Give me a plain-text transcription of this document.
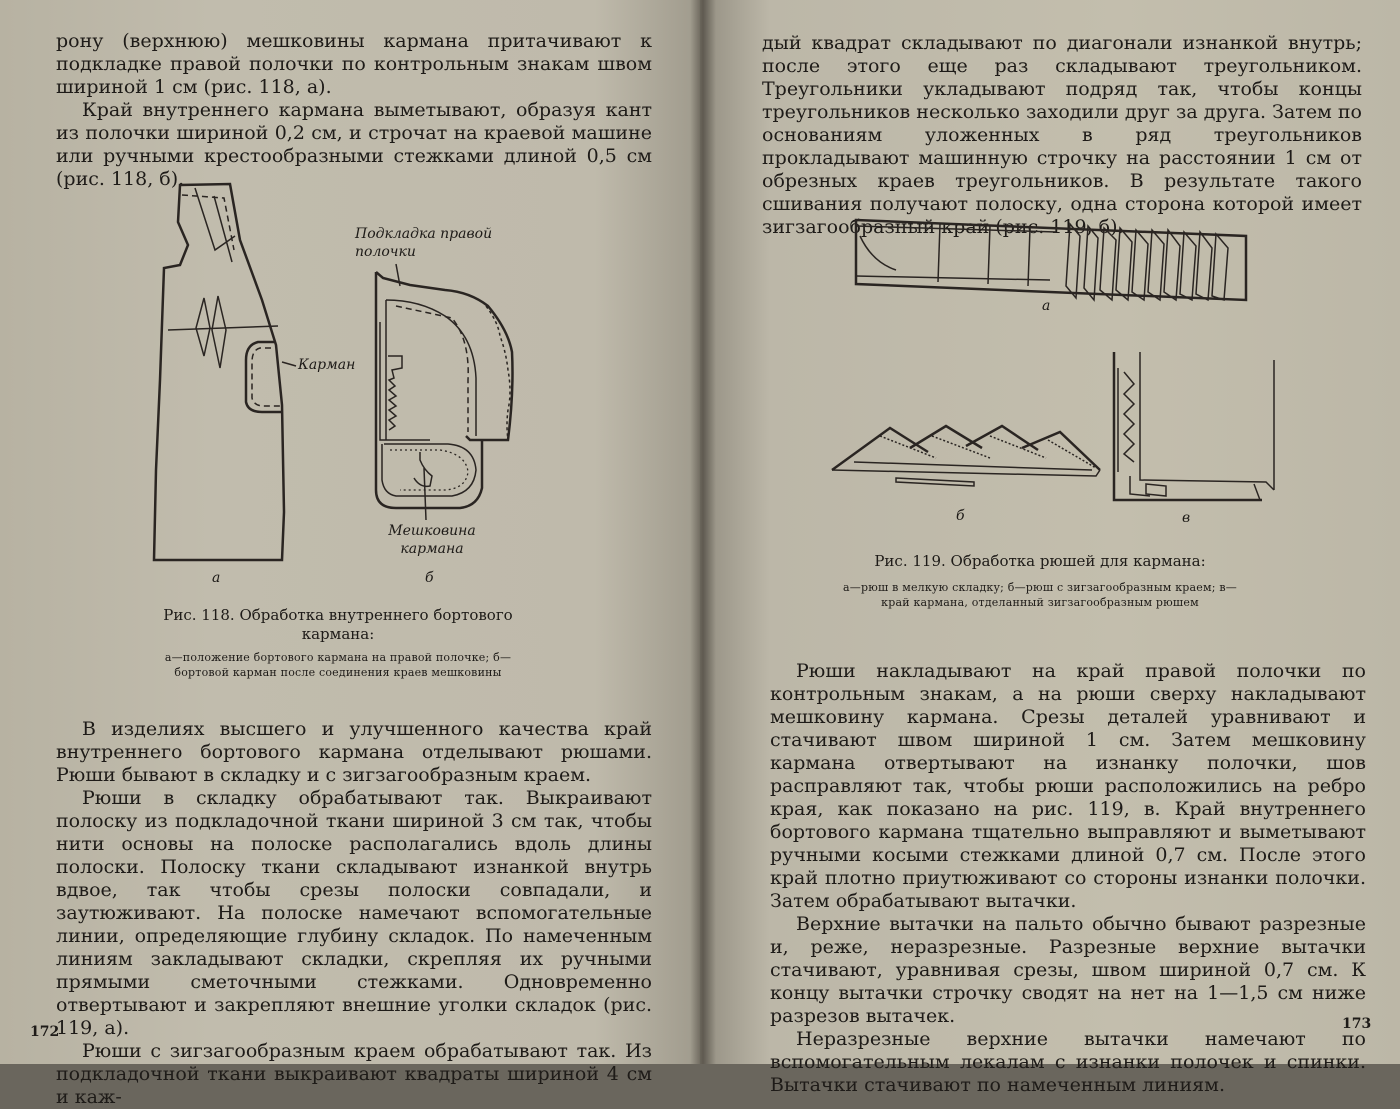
рону (верхнюю) мешковины кармана притачивают к подкладке правой полочки по контрольным знакам швом шириной 1 см (рис. 118, а).

Край внутреннего кармана выметывают, образуя кант из полочки шириной 0,2 см, и строчат на краевой машине или ручными крестообразными стежками длиной 0,5 см (рис. 118, б).

Карман
Подкладка правой полочки
Мешковина кармана
а	б
Рис. 118. Обработка внутреннего бортового кармана:
а—положение бортового кармана на правой полочке; б—бортовой карман после соединения краев мешковины

В изделиях высшего и улучшенного качества край внутреннего бортового кармана отделывают рюшами. Рюши бывают в складку и с зигзагообразным краем.

Рюши в складку обрабатывают так. Выкраивают полоску из подкладочной ткани шириной 3 см так, чтобы нити основы на полоске располагались вдоль длины полоски. Полоску ткани складывают изнанкой внутрь вдвое, так чтобы срезы полоски совпадали, и заутюживают. На полоске намечают вспомогательные линии, определяющие глубину складок. По намеченным линиям закладывают складки, скрепляя их ручными прямыми сметочными стежками. Одновременно отвертывают и закрепляют внешние уголки складок (рис. 119, а).

Рюши с зигзагообразным краем обрабатывают так. Из подкладочной ткани выкраивают квадраты шириной 4 см и каж-

172

дый квадрат складывают по диагонали изнанкой внутрь; после этого еще раз складывают треугольником. Треугольники укладывают подряд так, чтобы концы треугольников несколько заходили друг за друга. Затем по основаниям уложенных в ряд треугольников прокладывают машинную строчку на расстоянии 1 см от обрезных краев треугольников. В результате такого сшивания получают полоску, одна сторона которой имеет зигзагообразный край (рис. 119, б).

а
б	в
Рис. 119. Обработка рюшей для кармана:
а—рюш в мелкую складку; б—рюш с зигзагообразным краем; в—край кармана, отделанный зигзагообразным рюшем

Рюши накладывают на край правой полочки по контрольным знакам, а на рюши сверху накладывают мешковину кармана. Срезы деталей уравнивают и стачивают швом шириной 1 см. Затем мешковину кармана отвертывают на изнанку полочки, шов расправляют так, чтобы рюши расположились на ребро края, как показано на рис. 119, в. Край внутреннего бортового кармана тщательно выправляют и выметывают ручными косыми стежками длиной 0,7 см. После этого край плотно приутюживают со стороны изнанки полочки. Затем обрабатывают вытачки.

Верхние вытачки на пальто обычно бывают разрезные и, реже, неразрезные. Разрезные верхние вытачки стачивают, уравнивая срезы, швом шириной 0,7 см. К концу вытачки строчку сводят на нет на 1—1,5 см ниже разрезов вытачек.

Неразрезные верхние вытачки намечают по вспомогательным лекалам с изнанки полочек и спинки. Вытачки стачивают по намеченным линиям.

173
